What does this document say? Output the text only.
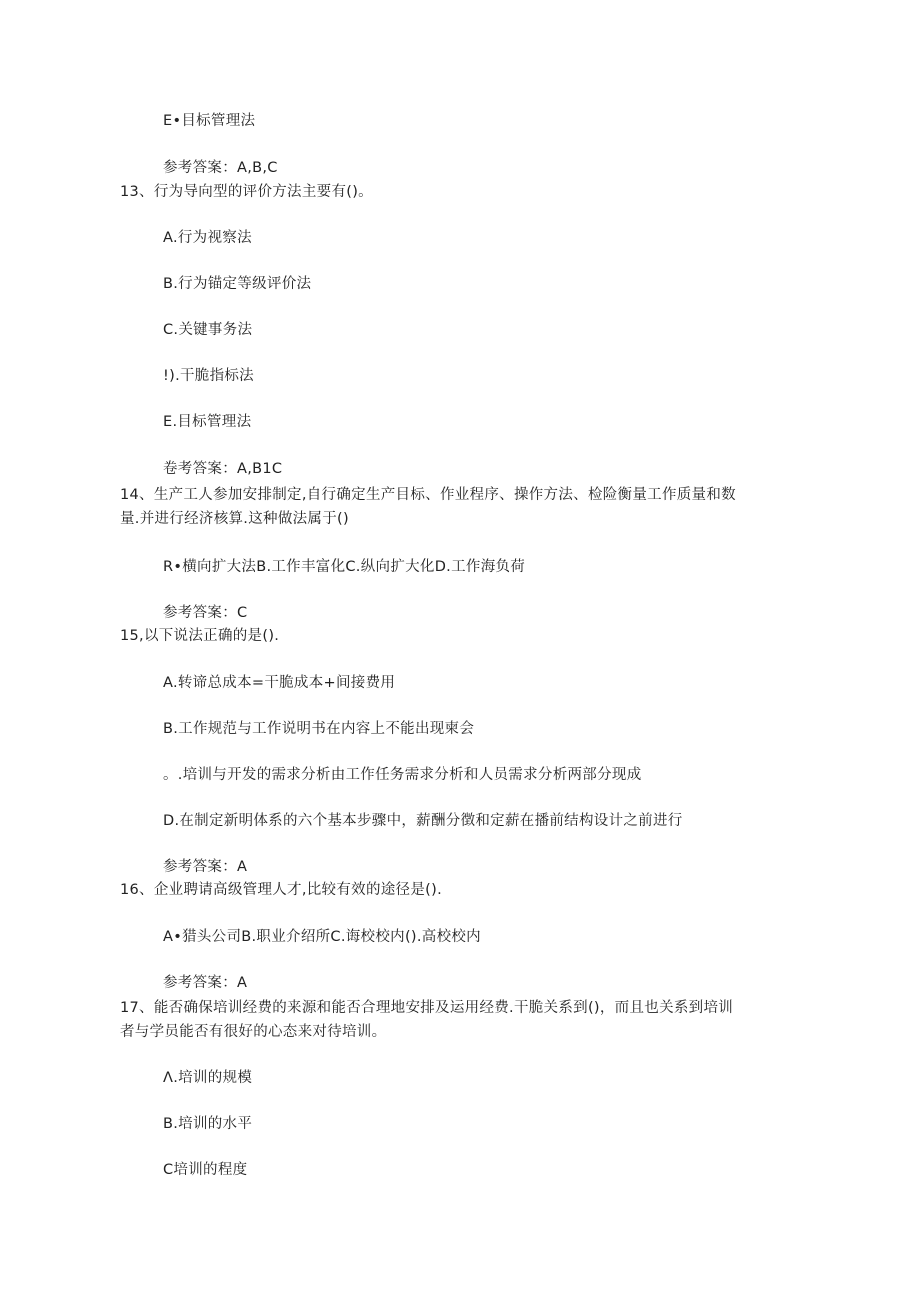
E•目标管理法
参考答案：A,B,C
13、行为导向型的评价方法主要有()。
A.行为视察法
B.行为锚定等级评价法
C.关键事务法
!).干脆指标法
E.目标管理法
卷考答案：A,B1C
14、生产工人参加安排制定,自行确定生产目标、作业程序、操作方法、检险衡量工作质量和数
量.并进行经济核算.这种做法属于()
R•横向扩大法B.工作丰富化C.纵向扩大化D.工作海负荷
参考答案：C
15,以下说法正确的是().
A.转谛总成本=干脆成本+间接费用
B.工作规范与工作说明书在内容上不能出现柬会
。.培训与开发的需求分析由工作任务需求分析和人员需求分析两部分现成
D.在制定新明体系的六个基本步骤中，薪酬分徴和定薪在播前结构设计之前进行
参考答案：A
16、企业聘请高级管理人才,比较有效的途径是().
A•猎头公司B.职业介绍所C.诲校校内().高校校内
参考答案：A
17、能否确保培训经费的来源和能否合理地安排及运用经费.干脆关系到()，而且也关系到培训
者与学员能否有很好的心态来对待培训。
Λ.培训的规模
B.培训的水平
C培训的程度
